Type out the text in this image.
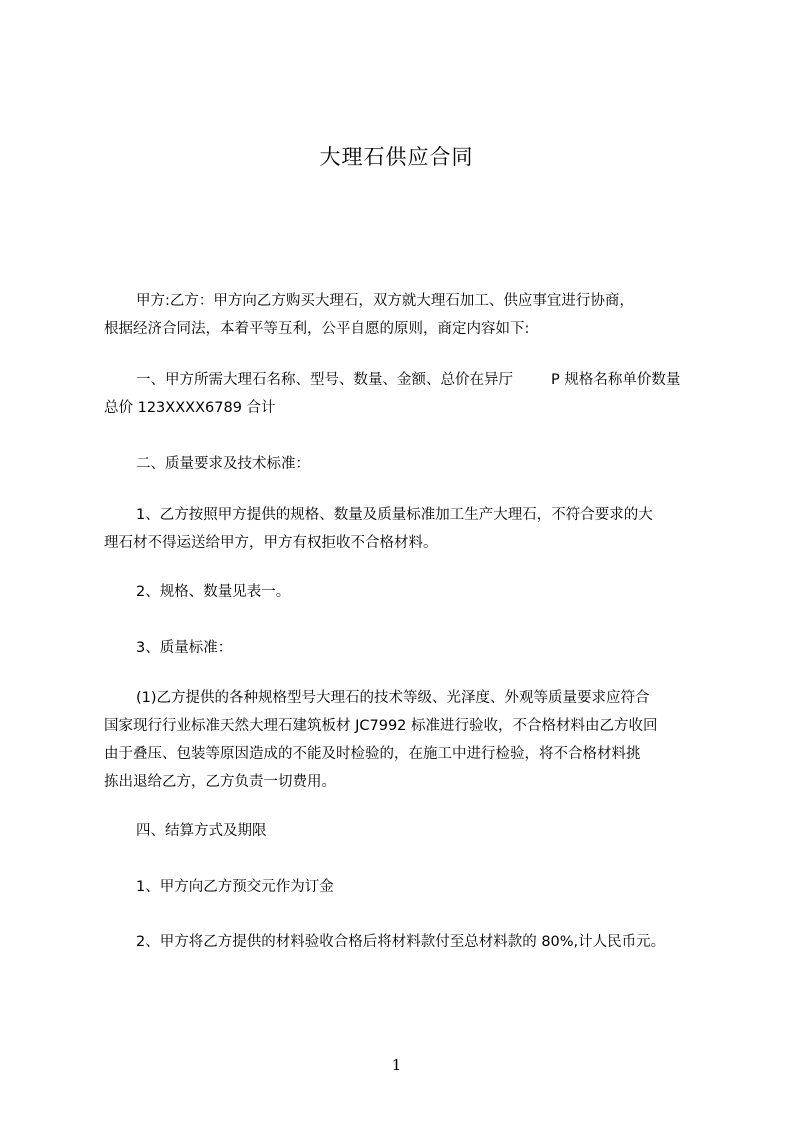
大理石供应合同

甲方:乙方：甲方向乙方购买大理石，双方就大理石加工、供应事宜进行协商，
根据经济合同法，本着平等互利，公平自愿的原则，商定内容如下:

一、甲方所需大理石名称、型号、数量、金额、总价在异厅	P 规格名称单价数量
总价 123XXXX6789 合计

二、质量要求及技术标准：

1、乙方按照甲方提供的规格、数量及质量标准加工生产大理石，不符合要求的大
理石材不得运送给甲方，甲方有权拒收不合格材料。

2、规格、数量见表一。

3、质量标准：

(1)乙方提供的各种规格型号大理石的技术等级、光泽度、外观等质量要求应符合
国家现行行业标准天然大理石建筑板材 JC7992 标准进行验收，不合格材料由乙方收回
由于叠压、包装等原因造成的不能及时检验的，在施工中进行检验，将不合格材料挑
拣出退给乙方，乙方负责一切费用。

四、结算方式及期限

1、甲方向乙方预交元作为订金

2、甲方将乙方提供的材料验收合格后将材料款付至总材料款的 80%,计人民币元。

1
